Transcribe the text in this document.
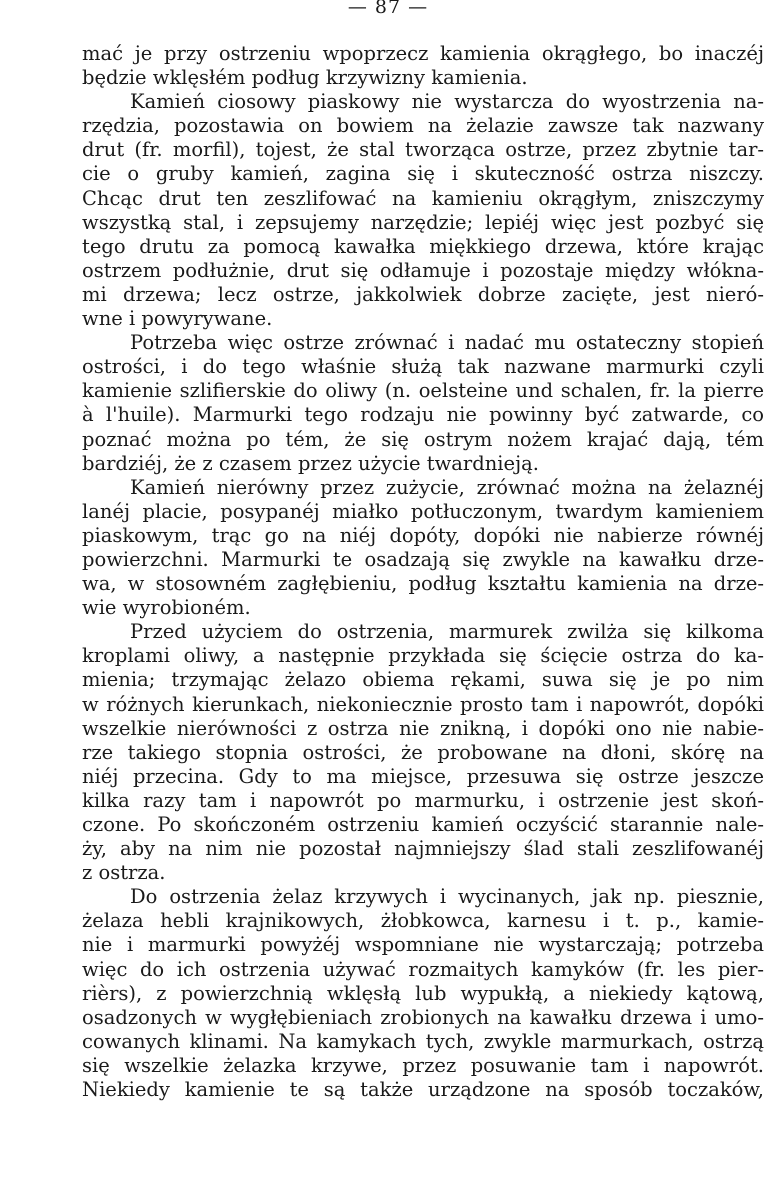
— 87 —
mać je przy ostrzeniu wpoprzecz kamienia okrągłego, bo inaczéj
będzie wklęsłém podług krzywizny kamienia.
Kamień ciosowy piaskowy nie wystarcza do wyostrzenia na-
rzędzia, pozostawia on bowiem na żelazie zawsze tak nazwany
drut (fr. morfil), tojest, że stal tworząca ostrze, przez zbytnie tar-
cie o gruby kamień, zagina się i skuteczność ostrza niszczy.
Chcąc drut ten zeszlifować na kamieniu okrągłym, zniszczymy
wszystką stal, i zepsujemy narzędzie; lepiéj więc jest pozbyć się
tego drutu za pomocą kawałka miękkiego drzewa, które krając
ostrzem podłużnie, drut się odłamuje i pozostaje między włókna-
mi drzewa; lecz ostrze, jakkolwiek dobrze zacięte, jest nieró-
wne i powyrywane.
Potrzeba więc ostrze zrównać i nadać mu ostateczny stopień
ostrości, i do tego właśnie służą tak nazwane marmurki czyli
kamienie szlifierskie do oliwy (n. oelsteine und schalen, fr. la pierre
à l'huile). Marmurki tego rodzaju nie powinny być zatwarde, co
poznać można po tém, że się ostrym nożem krajać dają, tém
bardziéj, że z czasem przez użycie twardnieją.
Kamień nierówny przez zużycie, zrównać można na żelaznéj
lanéj placie, posypanéj miałko potłuczonym, twardym kamieniem
piaskowym, trąc go na niéj dopóty, dopóki nie nabierze równéj
powierzchni. Marmurki te osadzają się zwykle na kawałku drze-
wa, w stosowném zagłębieniu, podług kształtu kamienia na drze-
wie wyrobioném.
Przed użyciem do ostrzenia, marmurek zwilża się kilkoma
kroplami oliwy, a następnie przykłada się ścięcie ostrza do ka-
mienia; trzymając żelazo obiema rękami, suwa się je po nim
w różnych kierunkach, niekoniecznie prosto tam i napowrót, dopóki
wszelkie nierówności z ostrza nie znikną, i dopóki ono nie nabie-
rze takiego stopnia ostrości, że probowane na dłoni, skórę na
niéj przecina. Gdy to ma miejsce, przesuwa się ostrze jeszcze
kilka razy tam i napowrót po marmurku, i ostrzenie jest skoń-
czone. Po skończoném ostrzeniu kamień oczyścić starannie nale-
ży, aby na nim nie pozostał najmniejszy ślad stali zeszlifowanéj
z ostrza.
Do ostrzenia żelaz krzywych i wycinanych, jak np. piesznie,
żelaza hebli krajnikowych, żłobkowca, karnesu i t. p., kamie-
nie i marmurki powyżéj wspomniane nie wystarczają; potrzeba
więc do ich ostrzenia używać rozmaitych kamyków (fr. les pier-
rièrs), z powierzchnią wklęsłą lub wypukłą, a niekiedy kątową,
osadzonych w wygłębieniach zrobionych na kawałku drzewa i umo-
cowanych klinami. Na kamykach tych, zwykle marmurkach, ostrzą
się wszelkie żelazka krzywe, przez posuwanie tam i napowrót.
Niekiedy kamienie te są także urządzone na sposób toczaków,
